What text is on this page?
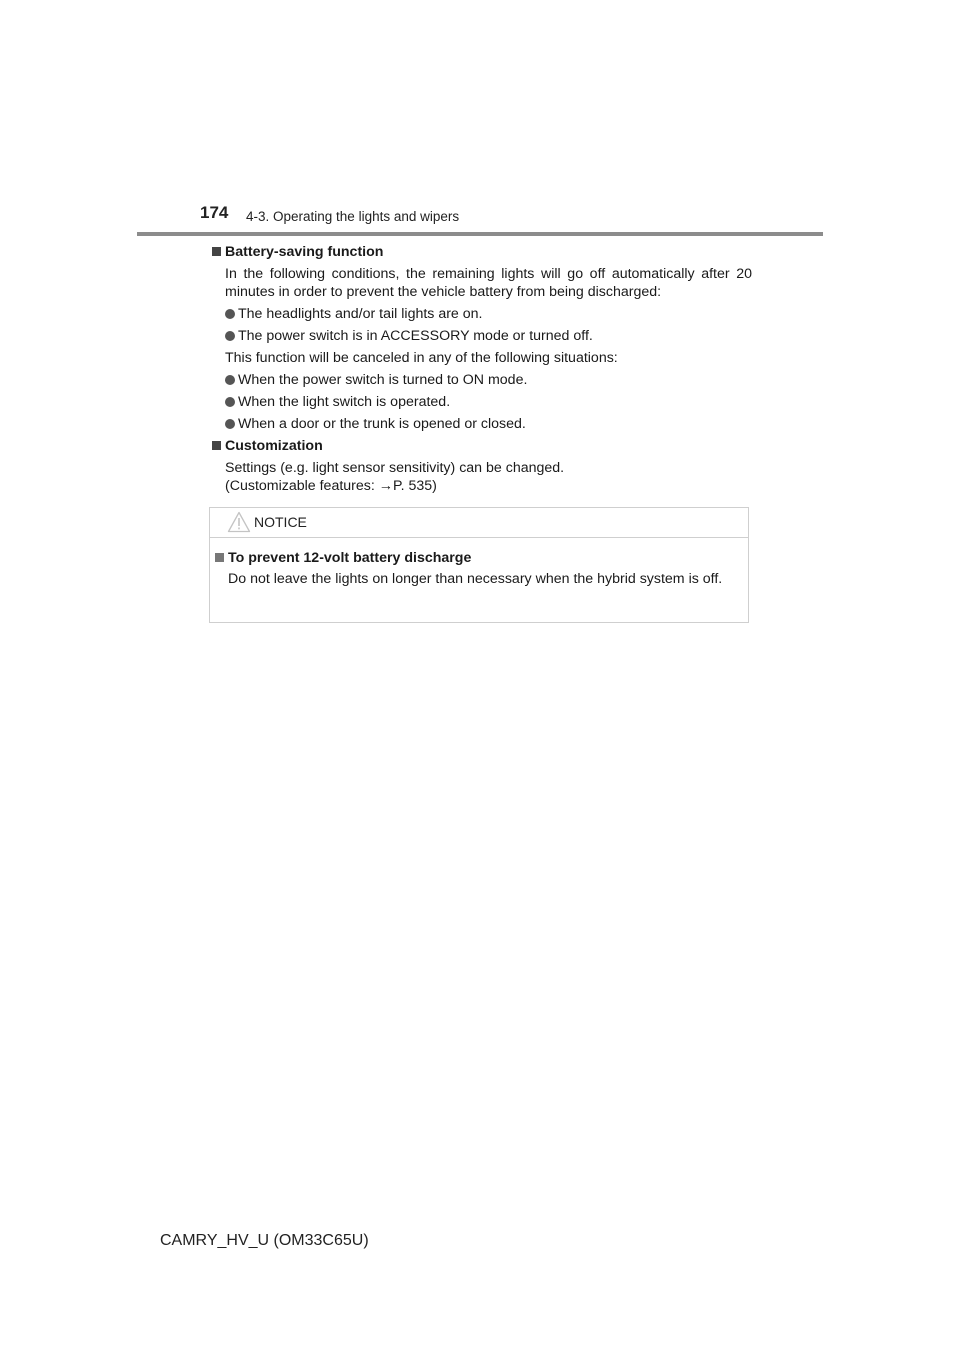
174 4-3. Operating the lights and wipers
Battery-saving function
In the following conditions, the remaining lights will go off automatically after 20 minutes in order to prevent the vehicle battery from being discharged:
The headlights and/or tail lights are on.
The power switch is in ACCESSORY mode or turned off.
This function will be canceled in any of the following situations:
When the power switch is turned to ON mode.
When the light switch is operated.
When a door or the trunk is opened or closed.
Customization
Settings (e.g. light sensor sensitivity) can be changed.
(Customizable features: →P. 535)
NOTICE
To prevent 12-volt battery discharge
Do not leave the lights on longer than necessary when the hybrid system is off.
CAMRY_HV_U (OM33C65U)
